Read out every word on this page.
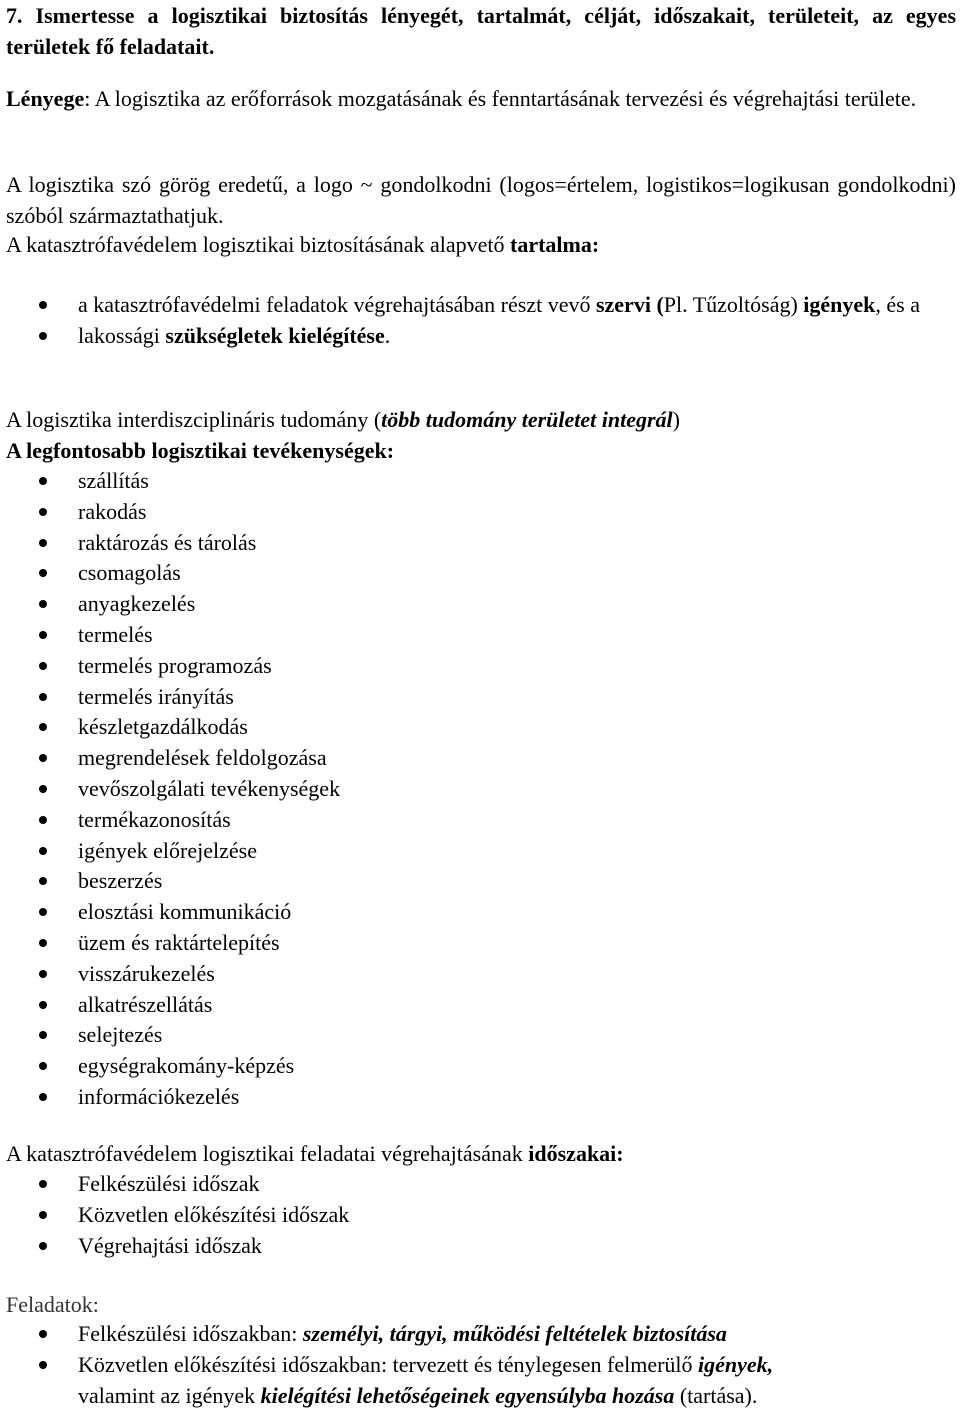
7. Ismertesse a logisztikai biztosítás lényegét, tartalmát, célját, időszakait, területeit, az egyes területek fő feladatait.
Lényege: A logisztika az erőforrások mozgatásának és fenntartásának tervezési és végrehajtási területe.
A logisztika szó görög eredetű, a logo ~ gondolkodni (logos=értelem, logistikos=logikusan gondolkodni) szóból származtathatjuk.
A katasztrófavédelem logisztikai biztosításának alapvető tartalma:
a katasztrófavédelmi feladatok végrehajtásában részt vevő szervi (Pl. Tűzoltóság) igények, és a
lakossági szükségletek kielégítése.
A logisztika interdiszciplináris tudomány (több tudomány területet integrál)
A legfontosabb logisztikai tevékenységek:
szállítás
rakodás
raktározás és tárolás
csomagolás
anyagkezelés
termelés
termelés programozás
termelés irányítás
készletgazdálkodás
megrendelések feldolgozása
vevőszolgálati tevékenységek
termékazonosítás
igények előrejelzése
beszerzés
elosztási kommunikáció
üzem és raktártelepítés
visszárukezelés
alkatrészellátás
selejtezés
egységrakomány-képzés
információkezelés
A katasztrófavédelem logisztikai feladatai végrehajtásának időszakai:
Felkészülési időszak
Közvetlen előkészítési időszak
Végrehajtási időszak
Feladatok:
Felkészülési időszakban: személyi, tárgyi, működési feltételek biztosítása
Közvetlen előkészítési időszakban: tervezett és ténylegesen felmerülő igények,
valamint az igények kielégítési lehetőségeinek egyensúlyba hozása (tartása).
